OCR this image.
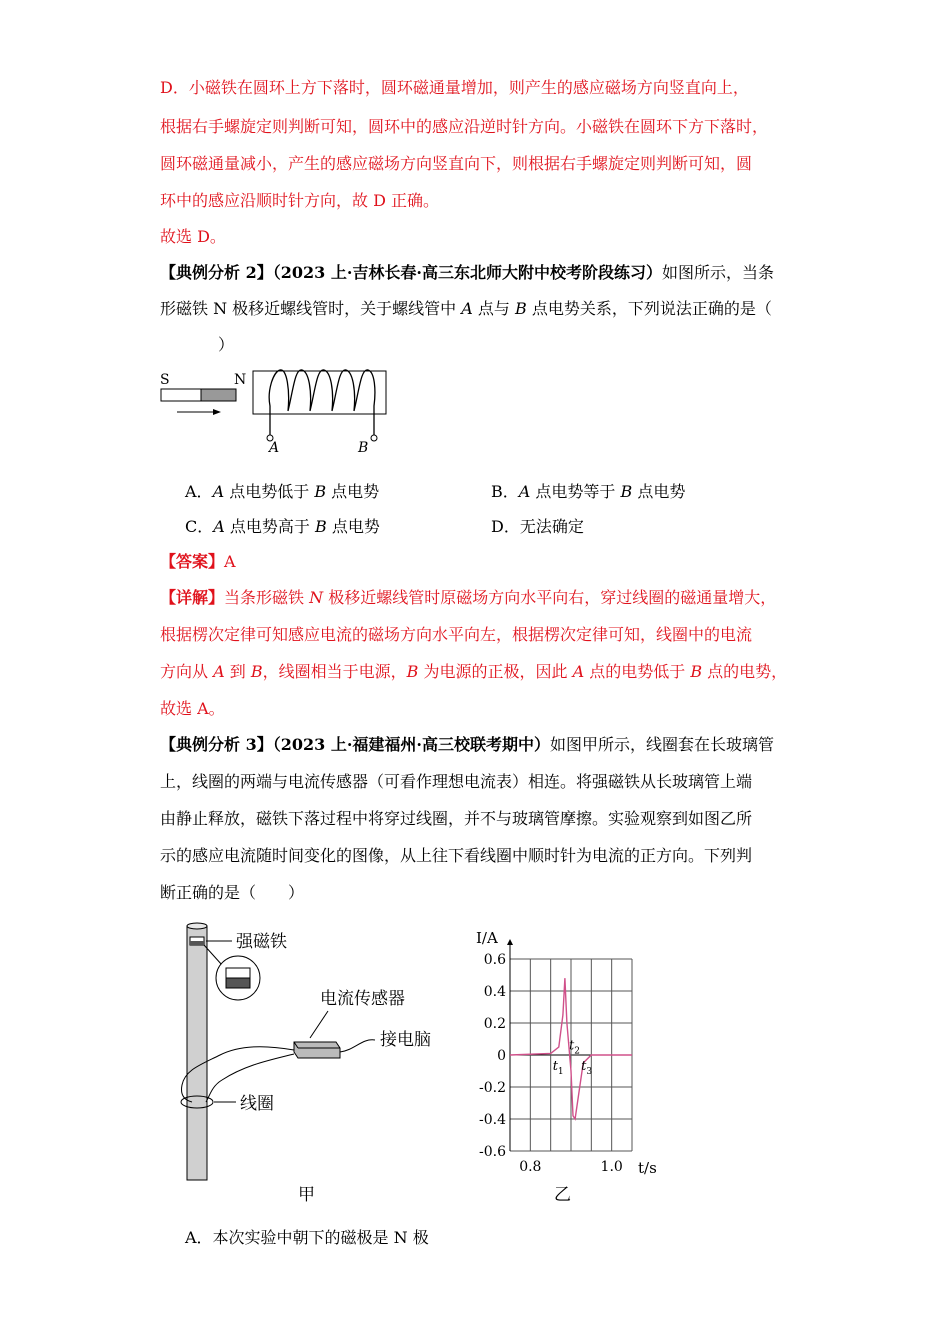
D．小磁铁在圆环上方下落时，圆环磁通量增加，则产生的感应磁场方向竖直向上，
根据右手螺旋定则判断可知，圆环中的感应沿逆时针方向。小磁铁在圆环下方下落时，
圆环磁通量减小，产生的感应磁场方向竖直向下，则根据右手螺旋定则判断可知，圆
环中的感应沿顺时针方向，故 D 正确。
故选 D。
【典例分析 2】（2023 上·吉林长春·高三东北师大附中校考阶段练习）如图所示，当条
形磁铁 N 极移近螺线管时，关于螺线管中 A 点与 B 点电势关系，下列说法正确的是（
）
S	N
A	B
A．A 点电势低于 B 点电势	B．A 点电势等于 B 点电势
C．A 点电势高于 B 点电势	D．无法确定
【答案】A
【详解】当条形磁铁 N 极移近螺线管时原磁场方向水平向右，穿过线圈的磁通量增大，
根据楞次定律可知感应电流的磁场方向水平向左，根据楞次定律可知，线圈中的电流
方向从 A 到 B，线圈相当于电源，B 为电源的正极，因此 A 点的电势低于 B 点的电势，
故选 A。
【典例分析 3】（2023 上·福建福州·高三校联考期中）如图甲所示，线圈套在长玻璃管
上，线圈的两端与电流传感器（可看作理想电流表）相连。将强磁铁从长玻璃管上端
由静止释放，磁铁下落过程中将穿过线圈，并不与玻璃管摩擦。实验观察到如图乙所
示的感应电流随时间变化的图像，从上往下看线圈中顺时针为电流的正方向。下列判
断正确的是（　　）
强磁铁
电流传感器
接电脑
线圈
甲
I/A
t/s
乙
0.6
0.4
0.2
0
-0.2
-0.4
-0.6
0.8	1.0
$t_1$
$t_2$
$t_3$
A．本次实验中朝下的磁极是 N 极
